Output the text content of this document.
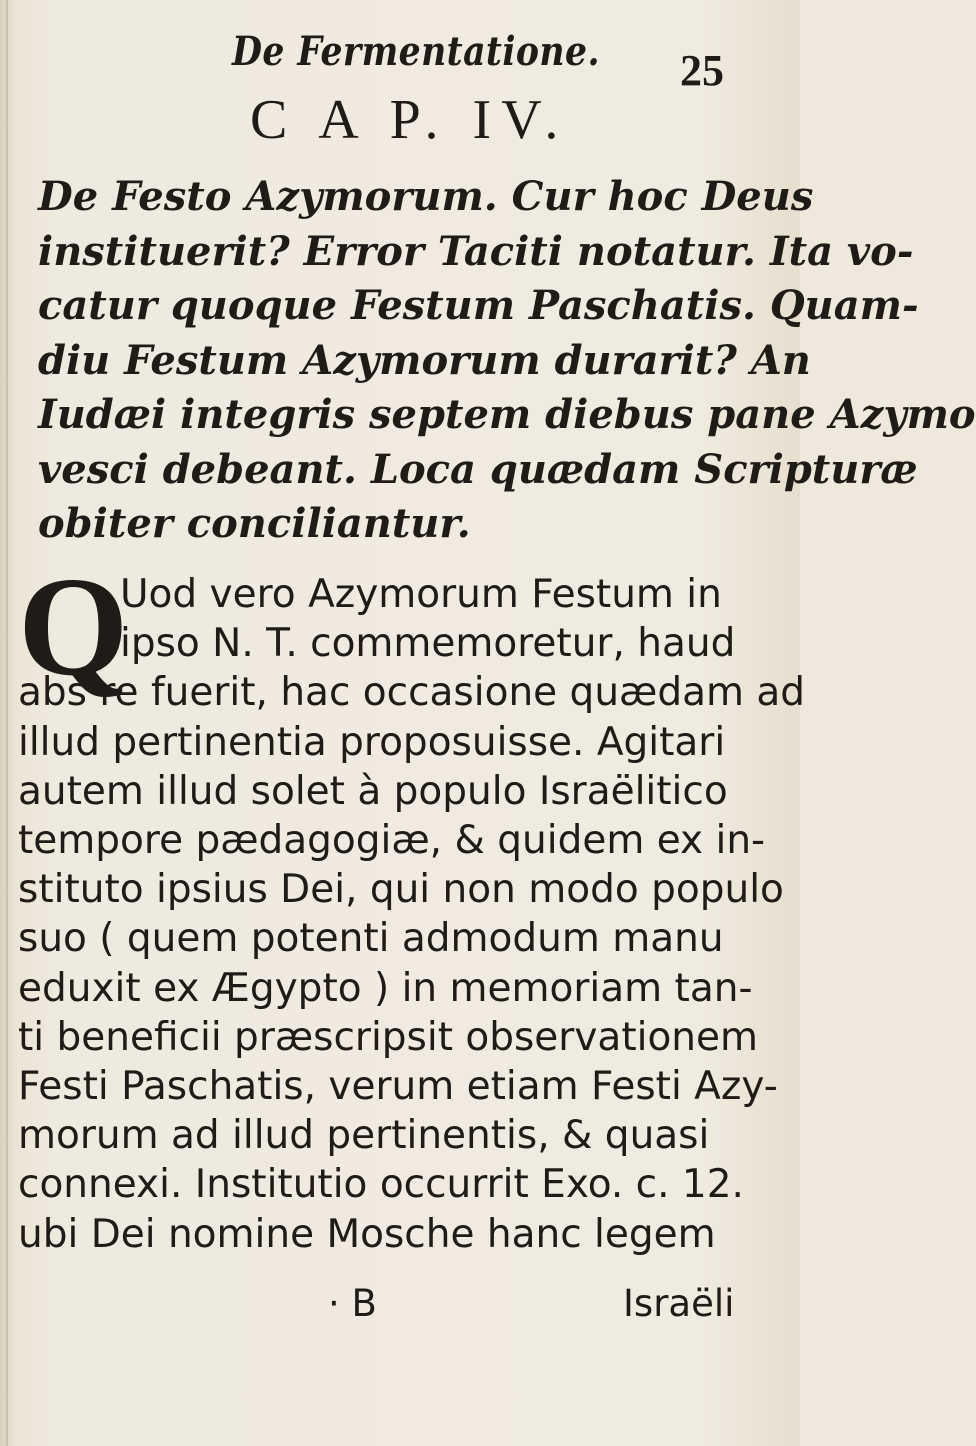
De Fermentatione. 25
C A P. IV.
De Festo Azymorum. Cur hoc Deus
instituerit? Error Taciti notatur. Ita vo-
catur quoque Festum Paschatis. Quam-
diu Festum Azymorum durarit? An
Iudæi integris septem diebus pane Azymo
vesci debeant. Loca quædam Scripturæ
obiter conciliantur.
Q
Uod vero Azymorum Festum in
ipso N. T. commemoretur, haud
abs re fuerit, hac occasione quædam ad
illud pertinentia proposuisse. Agitari
autem illud solet à populo Israëlitico
tempore pædagogiæ, & quidem ex in-
stituto ipsius Dei, qui non modo populo
suo ( quem potenti admodum manu
eduxit ex Ægypto ) in memoriam tan-
ti beneficii præscripsit observationem
Festi Paschatis, verum etiam Festi Azy-
morum ad illud pertinentis, & quasi
connexi. Institutio occurrit Exo. c. 12.
ubi Dei nomine Mosche hanc legem
· B	Israëli
